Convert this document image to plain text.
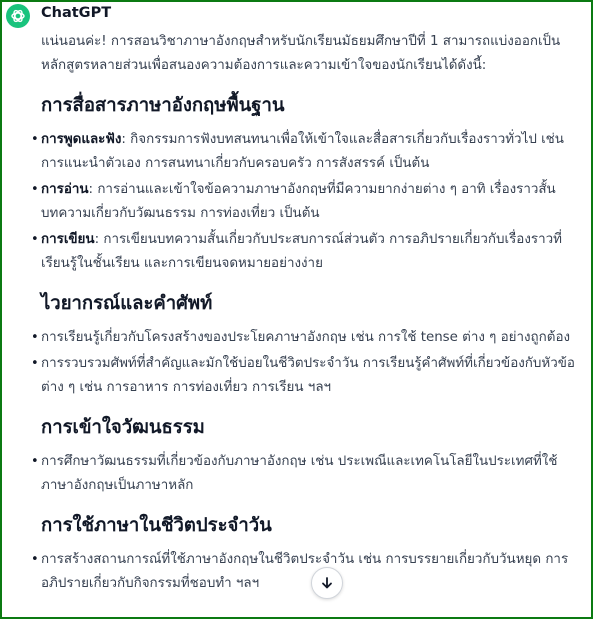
ChatGPT

แน่นอนค่ะ! การสอนวิชาภาษาอังกฤษสำหรับนักเรียนมัธยมศึกษาปีที่ 1 สามารถแบ่งออกเป็นหลักสูตรหลายส่วนเพื่อสนองความต้องการและความเข้าใจของนักเรียนได้ดังนี้:

การสื่อสารภาษาอังกฤษพื้นฐาน
• การพูดและฟัง: กิจกรรมการฟังบทสนทนาเพื่อให้เข้าใจและสื่อสารเกี่ยวกับเรื่องราวทั่วไป เช่น การแนะนำตัวเอง การสนทนาเกี่ยวกับครอบครัว การสังสรรค์ เป็นต้น
• การอ่าน: การอ่านและเข้าใจข้อความภาษาอังกฤษที่มีความยากง่ายต่าง ๆ อาทิ เรื่องราวสั้น บทความเกี่ยวกับวัฒนธรรม การท่องเที่ยว เป็นต้น
• การเขียน: การเขียนบทความสั้นเกี่ยวกับประสบการณ์ส่วนตัว การอภิปรายเกี่ยวกับเรื่องราวที่เรียนรู้ในชั้นเรียน และการเขียนจดหมายอย่างง่าย
ไวยากรณ์และคำศัพท์
• การเรียนรู้เกี่ยวกับโครงสร้างของประโยคภาษาอังกฤษ เช่น การใช้ tense ต่าง ๆ อย่างถูกต้อง
• การรวบรวมศัพท์ที่สำคัญและมักใช้บ่อยในชีวิตประจำวัน การเรียนรู้คำศัพท์ที่เกี่ยวข้องกับหัวข้อต่าง ๆ เช่น การอาหาร การท่องเที่ยว การเรียน ฯลฯ
การเข้าใจวัฒนธรรม
• การศึกษาวัฒนธรรมที่เกี่ยวข้องกับภาษาอังกฤษ เช่น ประเพณีและเทคโนโลยีในประเทศที่ใช้ภาษาอังกฤษเป็นภาษาหลัก
การใช้ภาษาในชีวิตประจำวัน
• การสร้างสถานการณ์ที่ใช้ภาษาอังกฤษในชีวิตประจำวัน เช่น การบรรยายเกี่ยวกับวันหยุด การอภิปรายเกี่ยวกับกิจกรรมที่ชอบทำ ฯลฯ
